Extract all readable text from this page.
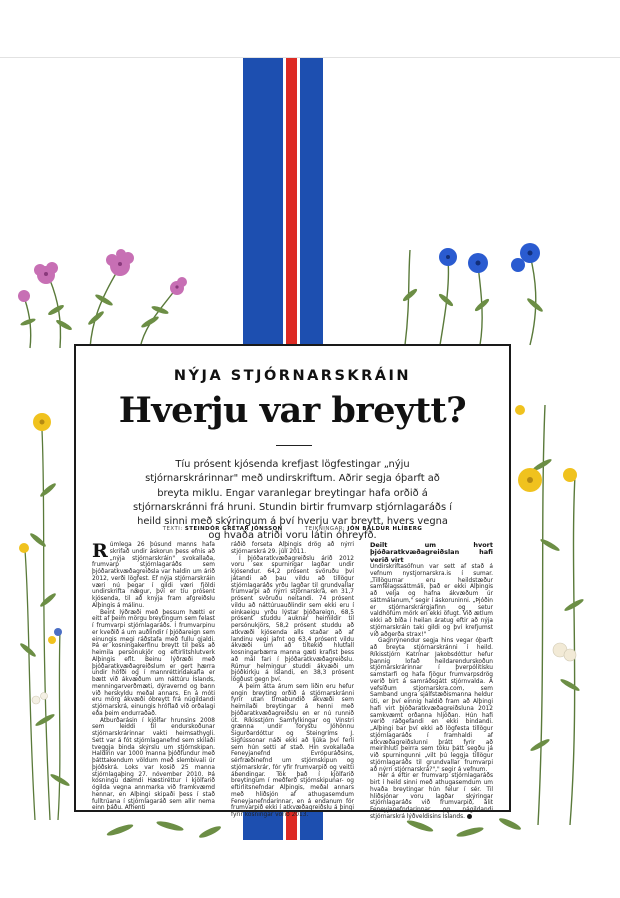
NÝJA STJÓRNARSKRÁIN
Hverju var breytt?
Tíu prósent kjósenda krefjast lögfestingar „nýju stjórnarskrárinnar" með undirskriftum. Aðrir segja óþarft að breyta miklu. Engar varanlegar breytingar hafa orðið á stjórnarskránni frá hruni. Stundin birtir frumvarp stjórnlagaráðs í heild sinni með skýringum á því hverju var breytt, hvers vegna og hvaða atriði voru látin óhreyfð.
TEXTI: STEINDÓR GRÉTAR JÓNSSON	TEIKNINGAR: JÓN BALDUR HLÍBERG

Rúmlega 26 þúsund manns hafa skrifað undir áskorun þess efnis að „nýja stjórnarskráin" svokallaða, frumvarp stjórnlagaráðs sem þjóðaratkvæðagreiðsla var haldin um árið 2012, verði lögfest. Ef nýja stjórnarskráin væri nú þegar í gildi væri fjöldi undirskrifta nægur, því er tíu prósent kjósenda, til að knýja fram afgreiðslu Alþingis á málinu.

Beint lýðræði með þessum hætti er eitt af þeim mörgu breytingum sem felast í frumvarpi stjórnlagaráðs. Í frumvarpinu er kveðið á um auðlindir í þjóðareign sem einungis megi ráðstafa með fullu gjaldi. Þá er kosningakerfinu breytt til þess að heimila persónukjör og eftirlitshlutverk Alþingis eflt. Beinu lýðræði með þjóðaratkvæðagreiðslum er gert hærra undir höfði og í mannréttindakafla er bætt við ákvæðum um náttúru Íslands, menningarverðmæti, dýravernd og bann við herskyldu meðal annars. En á móti eru mörg ákvæði óbreytt frá núgildandi stjórnarskrá, einungis hróflað við orðalagi eða þeim endurraðað.

Atburðarásin í kjölfar hrunsins 2008 sem leiddi til endurskoðunar stjórnarskrárinnar vakti heimsathygli. Sett var á fót stjórnlaganefnd sem skilaði tveggja binda skýrslu um stjórnskipan. Haldinn var 1000 manna þjóðfundur með þátttakendum völdum með slembivali úr þjóðskrá. Loks var kosið 25 manna stjórnlagaþing 27. nóvember 2010. Þá kosningu dæmdi Hæstiréttur í kjölfarið ógilda vegna annmarka við framkvæmd hennar, en Alþingi skipaði þess í stað fulltrúana í stjórnlagaráð sem allir nema einn þáðu. Afhenti

ráðið forseta Alþingis drög að nýrri stjórnarskrá 29. júlí 2011.

Í þjóðaratkvæðagreiðslu árið 2012 voru sex spurningar lagðar undir kjósendur. 64,2 prósent svöruðu því játandi að þau vildu að tillögur stjórnlagaráðs yrðu lagðar til grundvallar frumvarpi að nýrri stjórnarskrá, en 31,7 prósent svöruðu neitandi. 74 prósent vildu að náttúruauðlindir sem ekki eru í einkaeigu yrðu lýstar þjóðareign, 68,5 prósent studdu auknar heimildir til persónukjörs, 58,2 prósent studdu að atkvæði kjósenda alls staðar að af landinu vegi jafnt og 63,4 prósent vildu ákvæði um að tiltekið hlutfall kosningarbærra manna gæti krafist þess að mál fari í þjóðaratkvæðagreiðslu. Rúmur helmingur studdi ákvæði um þjóðkirkju á Íslandi, en 38,3 prósent lögðust gegn því.

Á þeim átta árum sem liðin eru hefur engin breyting orðið á stjórnarskránni fyrir utan tímabundið ákvæði sem heimilaði breytingar á henni með þjóðaratkvæðagreiðslu en er nú runnið út. Ríkisstjórn Samfylkingar og Vinstri grænna undir forystu Jóhönnu Sigurðardóttur og Steingríms J. Sigfússonar náði ekki að ljúka því ferli sem hún setti af stað. Hin svokallaða Feneyjanefnd Evrópuráðsins, sérfræðinefnd um stjórnskipun og stjórnarskrár, fór yfir frumvarpið og veitti ábendingar. Tók það í kjölfarið breytingum í meðferð stjórnskipunar- og eftirlitsnefndar Alþingis, meðal annars með hliðsjón af athugasemdum Feneyjanefndarinnar, en á endanum fór frumvarpið ekki í atkvæðagreiðslu á þingi fyrir kosningar vorið 2013.

Deilt um hvort þjóðaratkvæðagreiðslan hafi verið virt

Undirskriftasöfnun var sett af stað á vefnum nystjornarskra.is í sumar. „Tillögurnar eru heildstæður samfélagssáttmáli, það er ekki Alþingis að velja og hafna ákvæðum úr sáttmálanum," segir í áskoruninni. „Þjóðin er stjórnarskrárgjafinn og setur valdhöfum mörk en ekki öfugt. Við ætlum ekki að bíða í heilan áratug eftir að nýja stjórnarskráin taki gildi og því krefjumst við aðgerða strax!"

Gagnrýnendur segja hins vegar óþarft að breyta stjórnarskránni í heild. Ríkisstjórn Katrínar Jakobsdóttur hefur þannig lofað heildarendurskoðun stjórnarskrárinnar í þverpólitísku samstarfi og hafa fjögur frumvarpsdrög verið birt á samráðsgátt stjórnvalda. Á vefsíðum stjornarskra.com, sem Samband ungra sjálfstæðismanna heldur úti, er því einnig haldið fram að Alþingi hafi virt þjóðaratkvæðagreiðsluna 2012 samkvæmt orðanna hljóðan. Hún hafi verið ráðgefandi en ekki bindandi. „Alþingi bar því ekki að lögfesta tillögur stjórnlagaráðs í framhaldi af atkvæðagreiðslunni þrátt fyrir að meirihluti þeirra sem tóku þátt segðu já við spurningunni „vilt þú leggja tillögur stjórnlagaráðs til grundvallar frumvarpi að nýrri stjórnarskrá?"," segir á vefnum.

Hér á eftir er frumvarp stjórnlagaráðs birt í heild sinni með athugasemdum um hvaða breytingar hún felur í sér. Til hliðsjónar voru lagðar skýringar stjórnlagaráðs við frumvarpið, álit Feneyjanefndarinnar og nágildandi stjórnarskrá lýðveldisins Íslands.
